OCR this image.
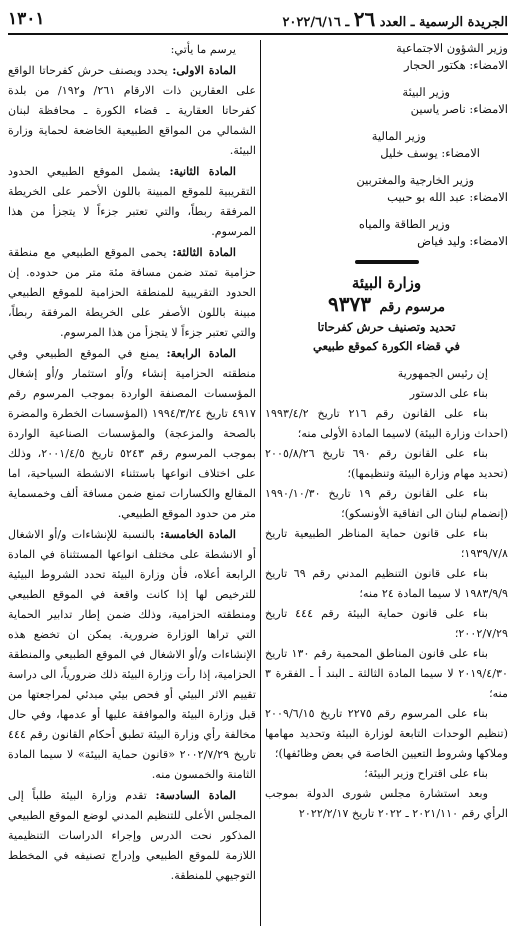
الجريدة الرسمية ـ العدد ٢٦ ـ ٢٠٢٢/٦/١٦
١٣٠١
وزير الشؤون الاجتماعية
الامضاء: هكتور الحجار
وزير البيئة
الامضاء: ناصر ياسين
وزير المالية
الامضاء: يوسف خليل
وزير الخارجية والمغتربين
الامضاء: عبد الله بو حبيب
وزير الطاقة والمياه
الامضاء: وليد فياض
وزارة البيئة
مرسوم رقم ٩٣٧٣
تحديد وتصنيف حرش كفرحاتا
في قضاء الكورة كموقع طبيعي

إن رئيس الجمهورية

بناء على الدستور

بناء على القانون رقم ٢١٦ تاريخ ١٩٩٣/٤/٢ (احداث وزارة البيئة) لاسيما المادة الأولى منه؛

بناء على القانون رقم ٦٩٠ تاريخ ٢٠٠٥/٨/٢٦ (تحديد مهام وزارة البيئة وتنظيمها)؛

بناء على القانون رقم ١٩ تاريخ ١٩٩٠/١٠/٣٠ (إنضمام لبنان الى اتفاقية الأونسكو)؛

بناء على قانون حماية المناظر الطبيعية تاريخ ١٩٣٩/٧/٨؛

بناء على قانون التنظيم المدني رقم ٦٩ تاريخ ١٩٨٣/٩/٩ لا سيما المادة ٢٤ منه؛

بناء على قانون حماية البيئة رقم ٤٤٤ تاريخ ٢٠٠٢/٧/٢٩؛

بناء على قانون المناطق المحمية رقم ١٣٠ تاريخ ٢٠١٩/٤/٣٠ لا سيما المادة الثالثة ـ البند أ ـ الفقرة ٣ منه؛

بناء على المرسوم رقم ٢٢٧٥ تاريخ ٢٠٠٩/٦/١٥ (تنظيم الوحدات التابعة لوزارة البيئة وتحديد مهامها وملاكها وشروط التعيين الخاصة في بعض وظائفها)؛

بناء على اقتراح وزير البيئة؛

وبعد استشارة مجلس شورى الدولة بموجب الرأي رقم ٢٠٢١/١١٠ ـ ٢٠٢٢ تاريخ ٢٠٢٢/٢/١٧

يرسم ما يأتي:

المادة الاولى: يحدد ويصنف حرش كفرحاتا الواقع على العقارين ذات الارقام ٢٦١/ و١٩٢/ من بلدة كفرحاتا العقارية ـ قضاء الكورة ـ محافظة لبنان الشمالي من المواقع الطبيعية الخاضعة لحماية وزارة البيئة.

المادة الثانية: يشمل الموقع الطبيعي الحدود التقريبية للموقع المبينة باللون الأحمر على الخريطة المرفقة ربطاً، والتي تعتبر جزءاً لا يتجزأ من هذا المرسوم.

المادة الثالثة: يحمى الموقع الطبيعي مع منطقة حزامية تمتد ضمن مسافة مئة متر من حدوده. إن الحدود التقريبية للمنطقة الحزامية للموقع الطبيعي مبينة باللون الأصفر على الخريطة المرفقة ربطاً، والتي تعتبر جزءاً لا يتجزأ من هذا المرسوم.

المادة الرابعة: يمنع في الموقع الطبيعي وفي منطقته الحزامية إنشاء و/أو استثمار و/أو إشغال المؤسسات المصنفة الواردة بموجب المرسوم رقم ٤٩١٧ تاريخ ١٩٩٤/٣/٢٤ (المؤسسات الخطرة والمضرة بالصحة والمزعجة) والمؤسسات الصناعية الواردة بموجب المرسوم رقم ٥٢٤٣ تاريخ ٢٠٠١/٤/٥، وذلك على اختلاف انواعها باستثناء الانشطة السياحية، اما المقالع والكسارات تمنع ضمن مسافة ألف وخمسماية متر من حدود الموقع الطبيعي.

المادة الخامسة: بالنسبة للإنشاءات و/أو الاشغال أو الانشطة على مختلف انواعها المستثناة في المادة الرابعة أعلاه، فأن وزارة البيئة تحدد الشروط البيئية للترخيص لها إذا كانت واقعة في الموقع الطبيعي ومنطقته الحزامية، وذلك ضمن إطار تدابير الحماية التي تراها الوزارة ضرورية. يمكن ان تخضع هذه الإنشاءات و/أو الاشغال في الموقع الطبيعي والمنطقة الحزامية، إذا رأت وزارة البيئة ذلك ضرورياً، الى دراسة تقييم الاثر البيئي أو فحص بيئي مبدئي لمراجعتها من قبل وزارة البيئة والموافقة عليها أو عدمها، وفي حال مخالفة رأي وزارة البيئة تطبق أحكام القانون رقم ٤٤٤ تاريخ ٢٠٠٢/٧/٢٩ «قانون حماية البيئة» لا سيما المادة الثامنة والخمسون منه.

المادة السادسة: تقدم وزارة البيئة طلباً إلى المجلس الأعلى للتنظيم المدني لوضع الموقع الطبيعي المذكور نحت الدرس وإجراء الدراسات التنظيمية اللازمة للموقع الطبيعي وإدراج تصنيفه في المخطط التوجيهي للمنطقة.
